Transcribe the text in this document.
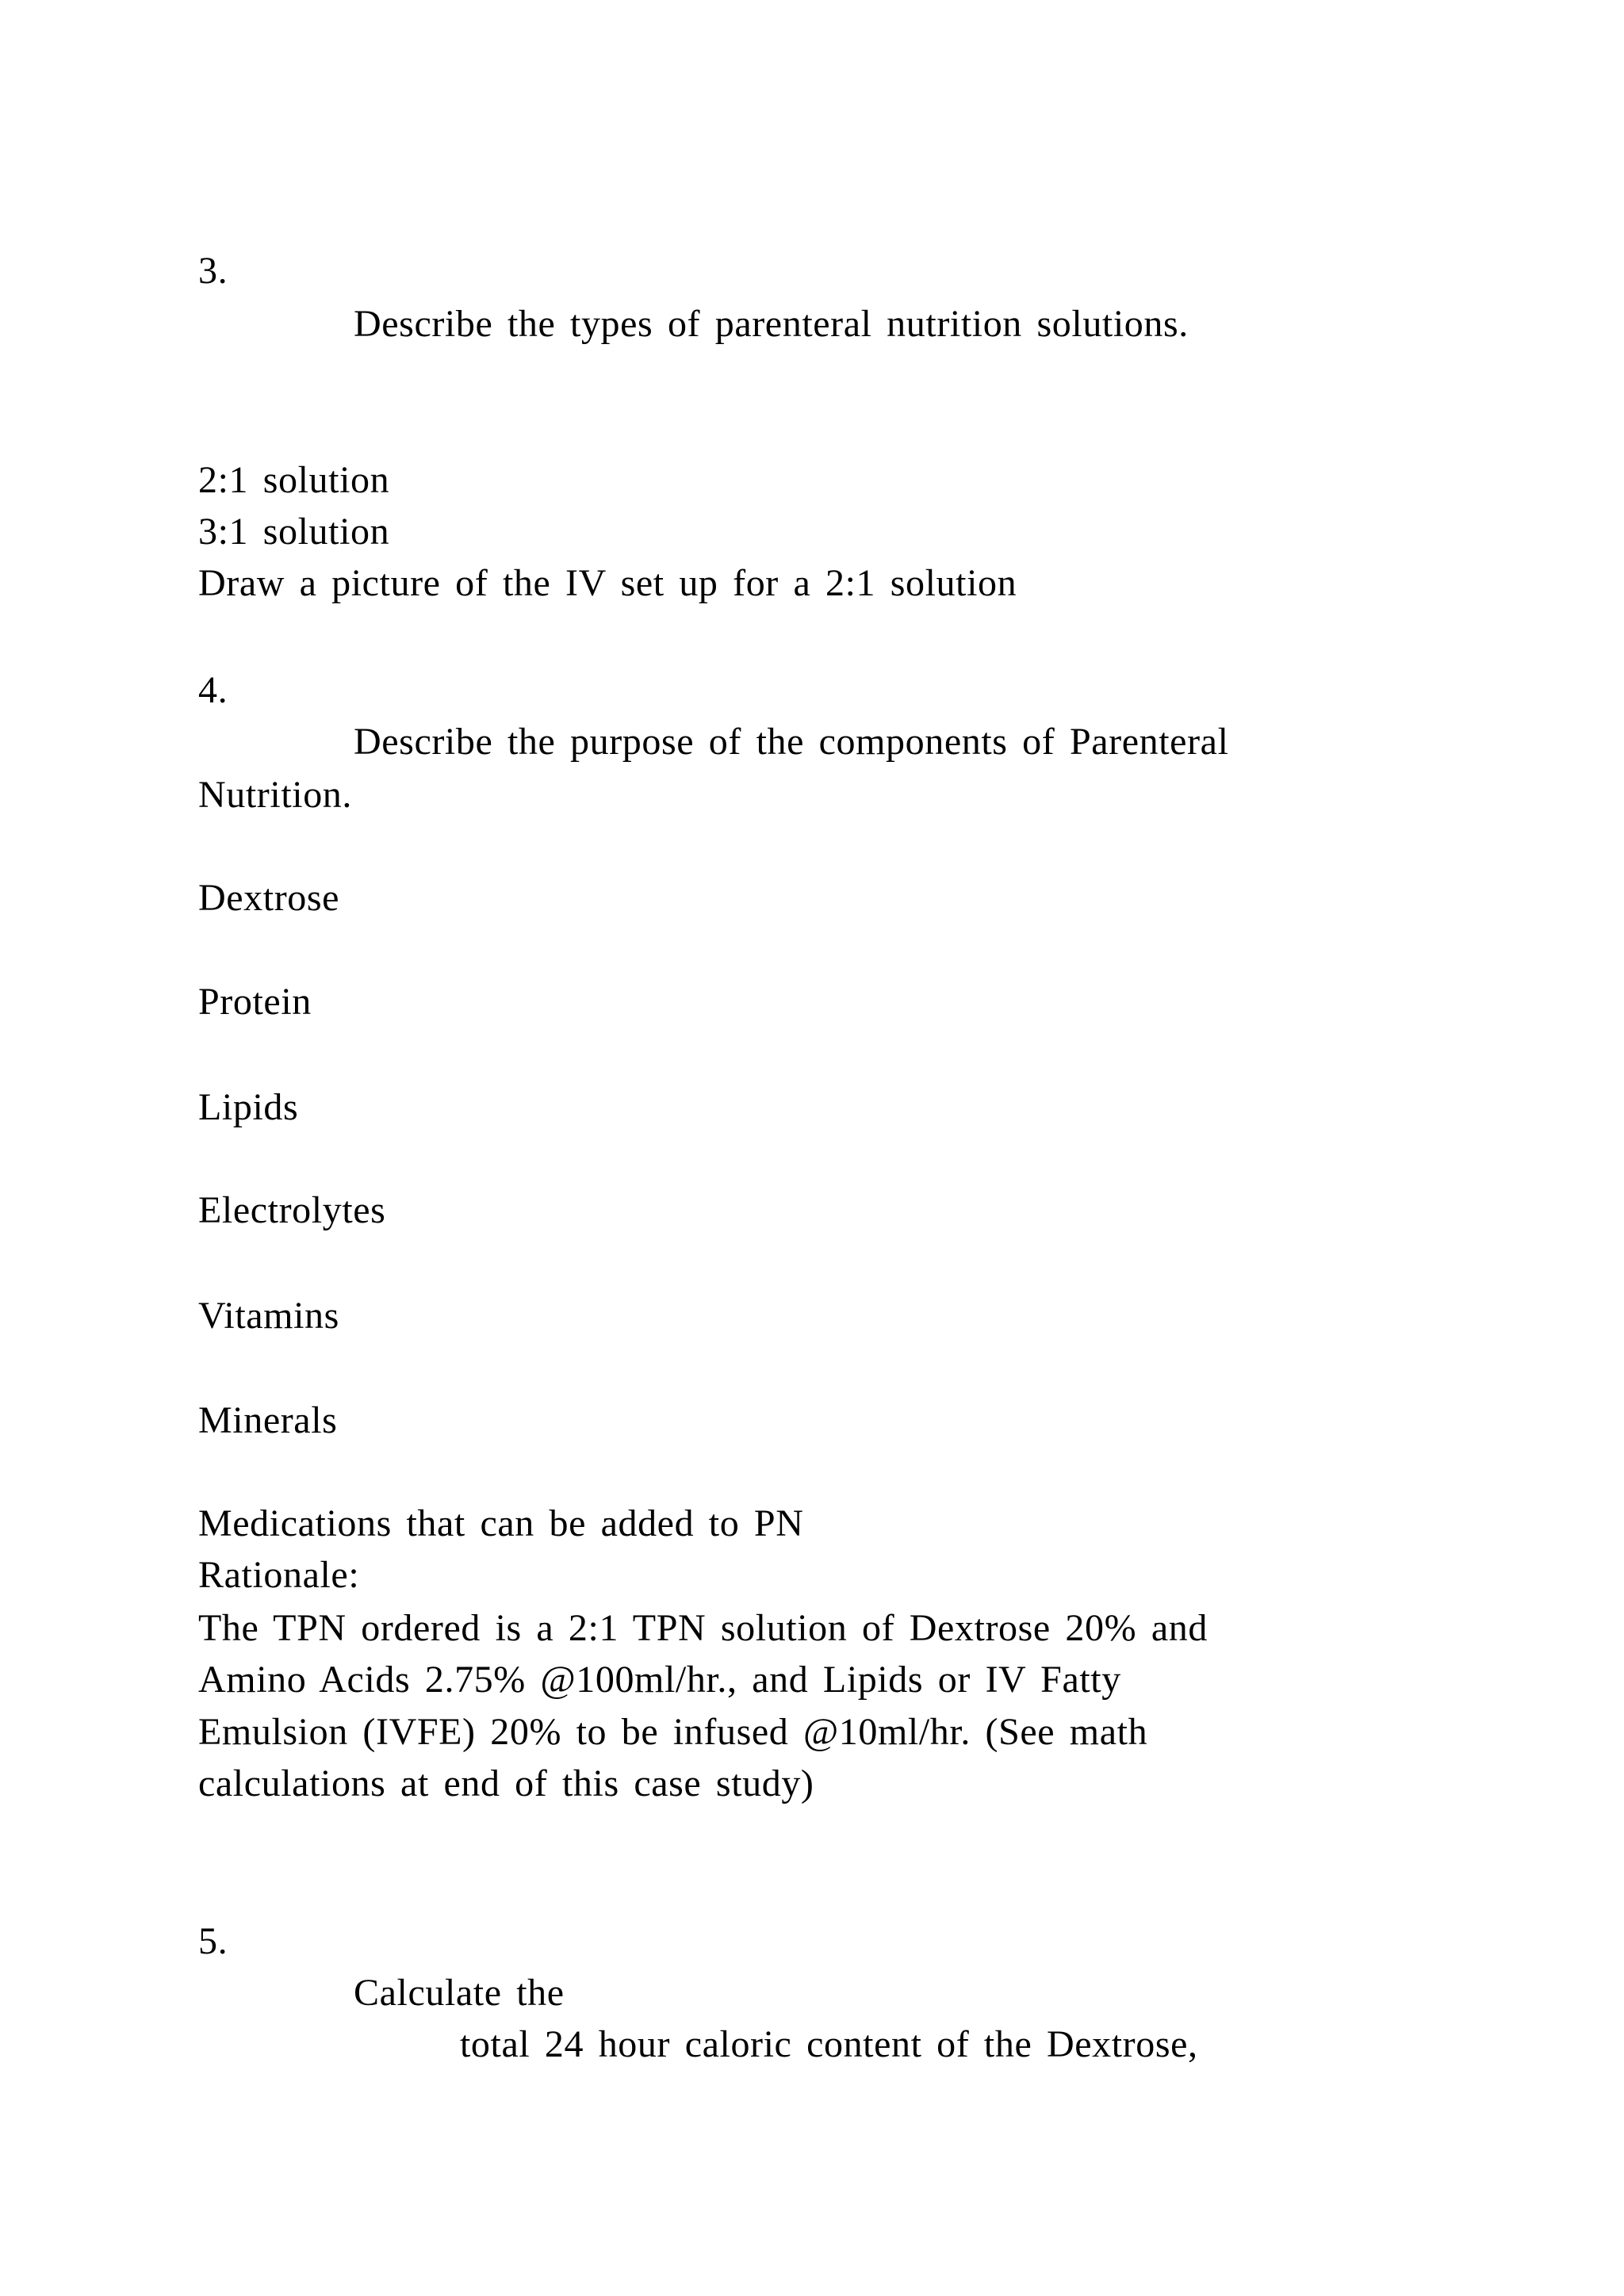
3.
Describe the types of parenteral nutrition solutions.
2:1 solution
3:1 solution
Draw a picture of the IV set up for a 2:1 solution
4.
Describe the purpose of the components of Parenteral
Nutrition.
Dextrose
Protein
Lipids
Electrolytes
Vitamins
Minerals
Medications that can be added to PN
Rationale:
The TPN ordered is a 2:1 TPN solution of Dextrose 20% and
Amino Acids 2.75% @100ml/hr., and Lipids or IV Fatty
Emulsion (IVFE) 20% to be infused @10ml/hr. (See math
calculations at end of this case study)
5.
Calculate the
total 24 hour caloric content of the Dextrose,
